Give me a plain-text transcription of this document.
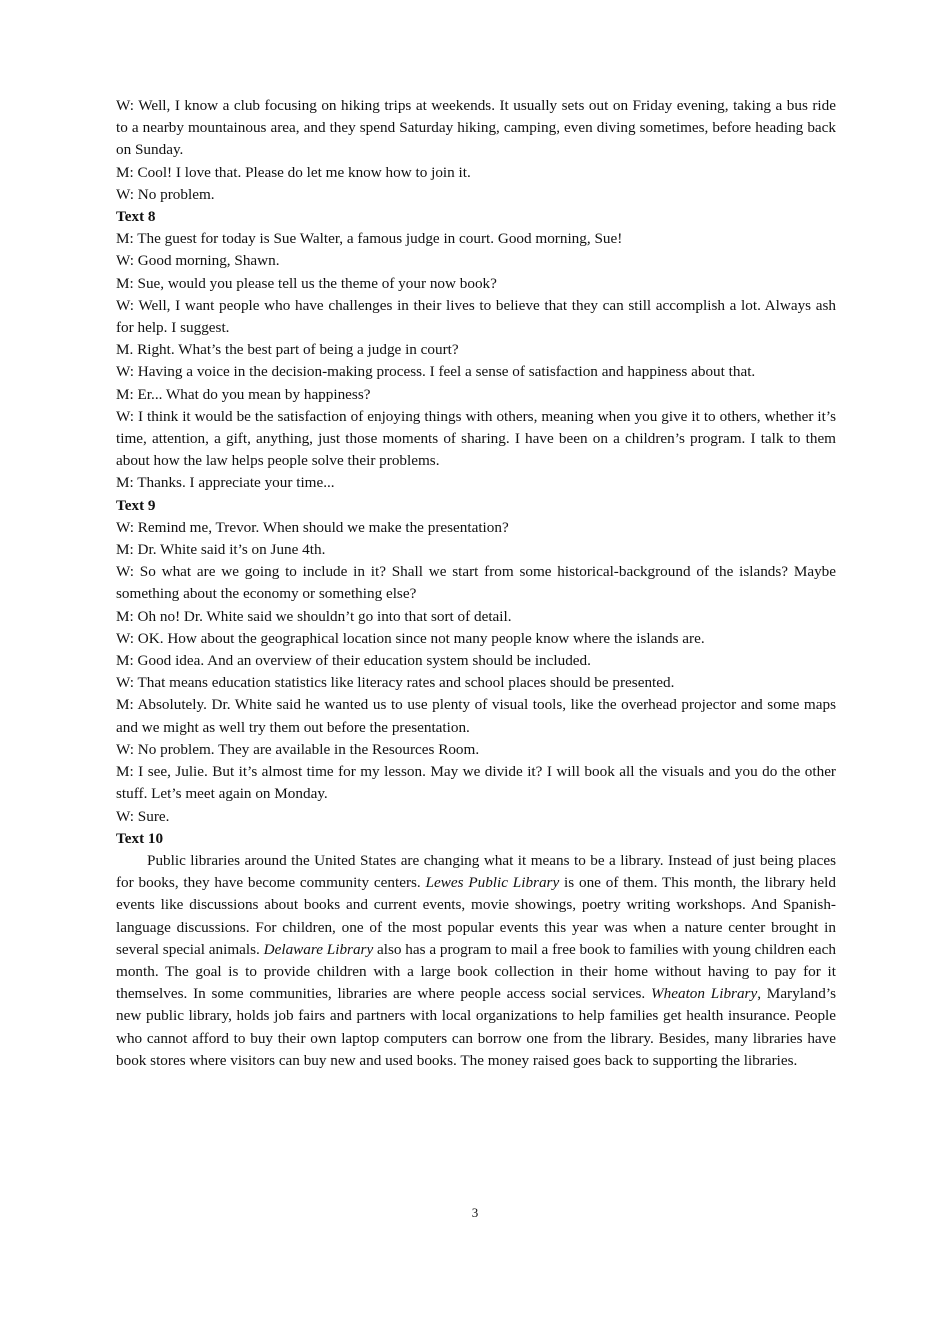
W: Well, I know a club focusing on hiking trips at weekends. It usually sets out on Friday evening, taking a bus ride to a nearby mountainous area, and they spend Saturday hiking, camping, even diving sometimes, before heading back on Sunday.

M: Cool! I love that. Please do let me know how to join it.

W: No problem.

Text 8

M: The guest for today is Sue Walter, a famous judge in court. Good morning, Sue!

W: Good morning, Shawn.

M: Sue, would you please tell us the theme of your now book?

W: Well, I want people who have challenges in their lives to believe that they can still accomplish a lot. Always ash for help. I suggest.

M. Right. What’s the best part of being a judge in court?

W: Having a voice in the decision-making process. I feel a sense of satisfaction and happiness about that.

M: Er... What do you mean by happiness?

W: I think it would be the satisfaction of enjoying things with others, meaning when you give it to others, whether it’s time, attention, a gift, anything, just those moments of sharing. I have been on a children’s program. I talk to them about how the law helps people solve their problems.

M: Thanks. I appreciate your time...

Text 9

W: Remind me, Trevor. When should we make the presentation?

M: Dr. White said it’s on June 4th.

W: So what are we going to include in it? Shall we start from some historical-background of the islands? Maybe something about the economy or something else?

M: Oh no! Dr. White said we shouldn’t go into that sort of detail.

W: OK. How about the geographical location since not many people know where the islands are.

M: Good idea. And an overview of their education system should be included.

W: That means education statistics like literacy rates and school places should be presented.

M: Absolutely. Dr. White said he wanted us to use plenty of visual tools, like the overhead projector and some maps and we might as well try them out before the presentation.

W: No problem. They are available in the Resources Room.

M: I see, Julie. But it’s almost time for my lesson. May we divide it? I will book all the visuals and you do the other stuff. Let’s meet again on Monday.

W: Sure.

Text 10

Public libraries around the United States are changing what it means to be a library. Instead of just being places for books, they have become community centers. Lewes Public Library is one of them. This month, the library held events like discussions about books and current events, movie showings, poetry writing workshops. And Spanish-language discussions. For children, one of the most popular events this year was when a nature center brought in several special animals. Delaware Library also has a program to mail a free book to families with young children each month. The goal is to provide children with a large book collection in their home without having to pay for it themselves. In some communities, libraries are where people access social services. Wheaton Library, Maryland’s new public library, holds job fairs and partners with local organizations to help families get health insurance. People who cannot afford to buy their own laptop computers can borrow one from the library. Besides, many libraries have book stores where visitors can buy new and used books. The money raised goes back to supporting the libraries.

3
